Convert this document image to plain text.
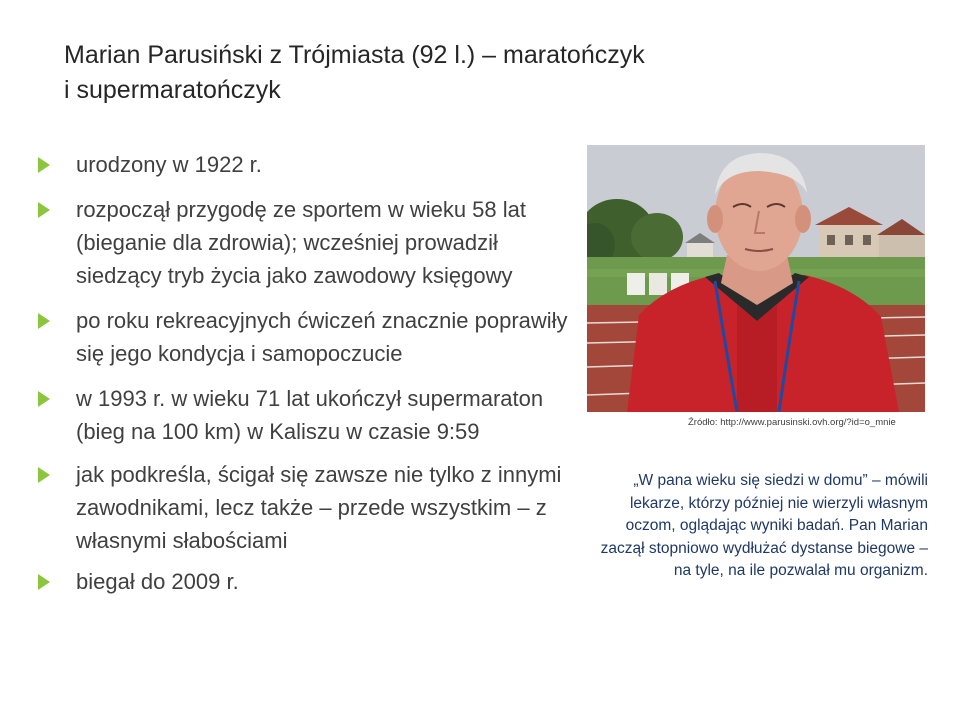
Marian Parusiński z Trójmiasta (92 l.) – maratończyk
i supermaratończyk
urodzony w 1922 r.
rozpoczął przygodę ze sportem w wieku 58 lat (bieganie dla zdrowia); wcześniej prowadził siedzący tryb życia jako zawodowy księgowy
po roku rekreacyjnych ćwiczeń znacznie poprawiły się jego kondycja i samopoczucie
w 1993 r. w wieku 71 lat ukończył supermaraton (bieg na 100 km) w Kaliszu w czasie 9:59
jak podkreśla, ścigał się zawsze nie tylko z innymi zawodnikami, lecz także – przede wszystkim – z własnymi słabościami
biegał do 2009 r.
Źródło: http://www.parusinski.ovh.org/?id=o_mnie
„W pana wieku się siedzi w domu” – mówili
lekarze, którzy później nie wierzyli własnym
oczom, oglądając wyniki badań. Pan Marian
zaczął stopniowo wydłużać dystanse biegowe –
na tyle, na ile pozwalał mu organizm.
